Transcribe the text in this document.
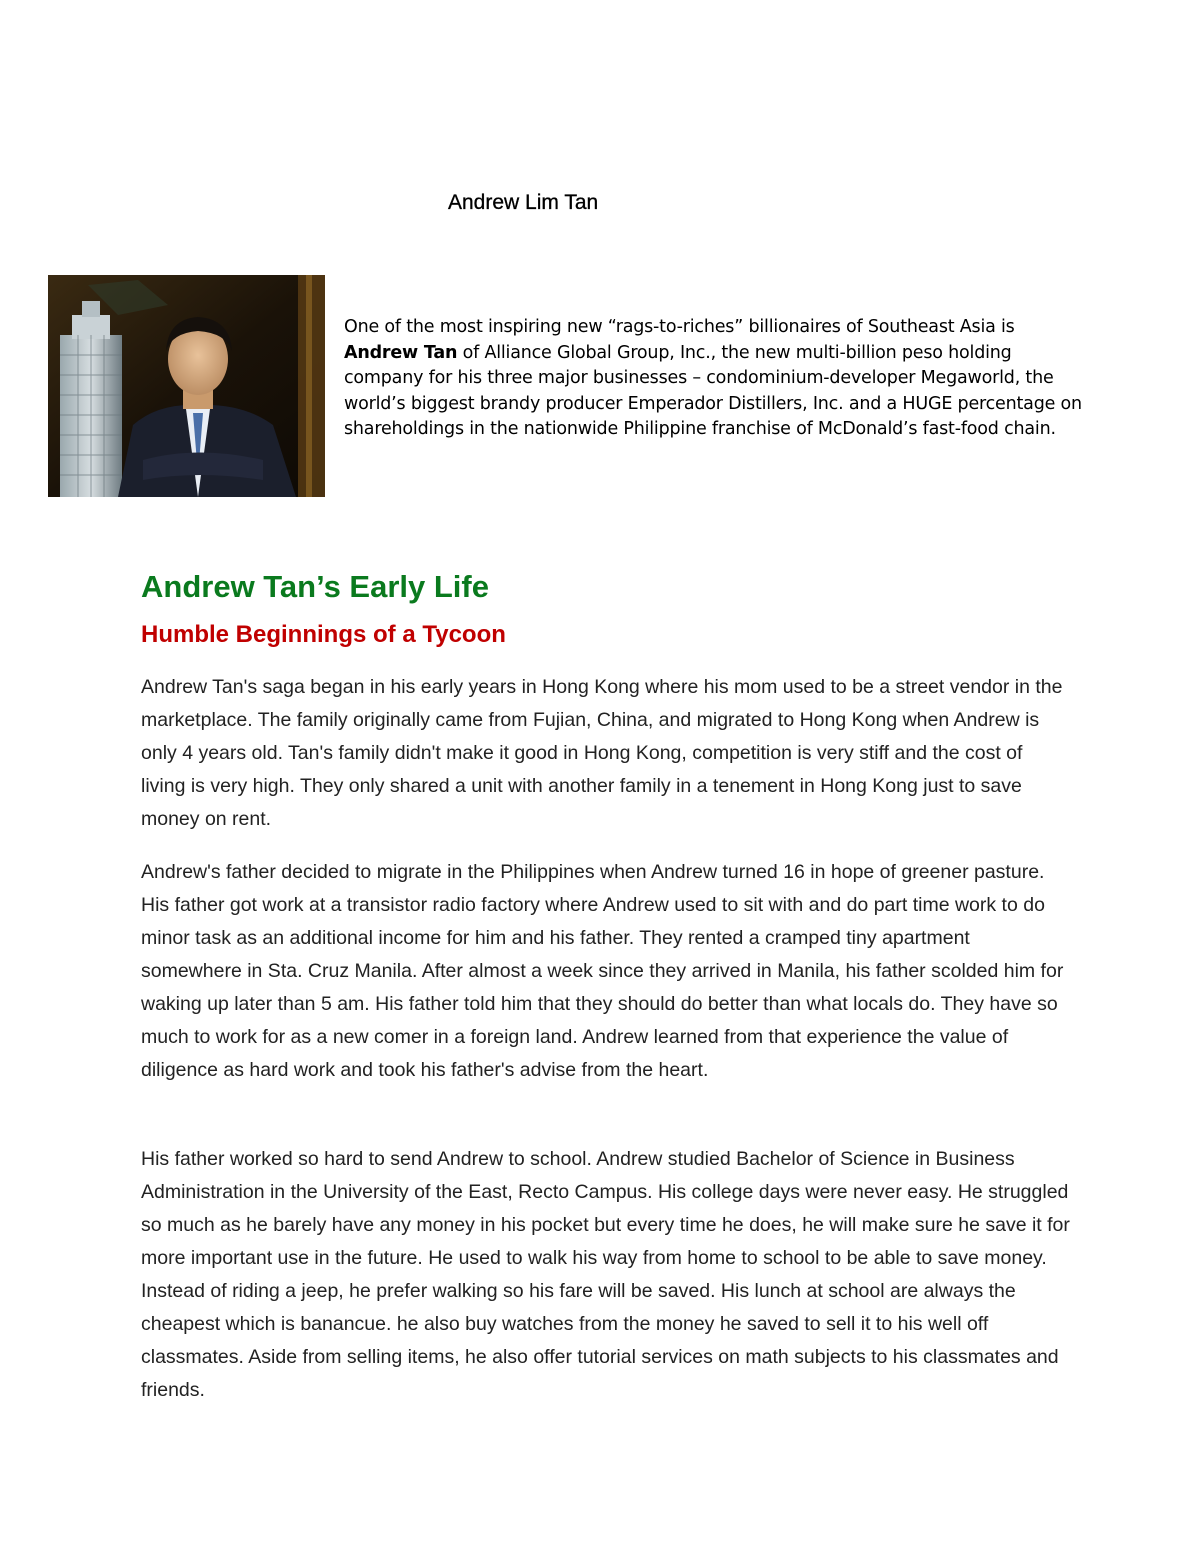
Andrew Lim Tan
One of the most inspiring new “rags-to-riches” billionaires of Southeast Asia is Andrew Tan of Alliance Global Group, Inc., the new multi-billion peso holding company for his three major businesses – condominium-developer Megaworld, the world’s biggest brandy producer Emperador Distillers, Inc. and a HUGE percentage on shareholdings in the nationwide Philippine franchise of McDonald’s fast-food chain.
Andrew Tan’s Early Life
Humble Beginnings of a Tycoon

Andrew Tan's saga began in his early years in Hong Kong where his mom used to be a street vendor in the marketplace. The family originally came from Fujian, China, and migrated to Hong Kong when Andrew is only 4 years old. Tan's family didn't make it good in Hong Kong, competition is very stiff and the cost of living is very high. They only shared a unit with another family in a tenement in Hong Kong just to save money on rent.

Andrew's father decided to migrate in the Philippines when Andrew turned 16 in hope of greener pasture. His father got work at a transistor radio factory where Andrew used to sit with and do part time work to do minor task as an additional income for him and his father. They rented a cramped tiny apartment somewhere in Sta. Cruz Manila. After almost a week since they arrived in Manila, his father scolded him for waking up later than 5 am. His father told him that they should do better than what locals do. They have so much to work for as a new comer in a foreign land. Andrew learned from that experience the value of diligence as hard work and took his father's advise from the heart.

His father worked so hard to send Andrew to school. Andrew studied Bachelor of Science in Business Administration in the University of the East, Recto Campus. His college days were never easy. He struggled so much as he barely have any money in his pocket but every time he does, he will make sure he save it for more important use in the future. He used to walk his way from home to school to be able to save money. Instead of riding a jeep, he prefer walking so his fare will be saved. His lunch at school are always the cheapest which is banancue. he also buy watches from the money he saved to sell it to his well off classmates. Aside from selling items, he also offer tutorial services on math subjects to his classmates and friends.
